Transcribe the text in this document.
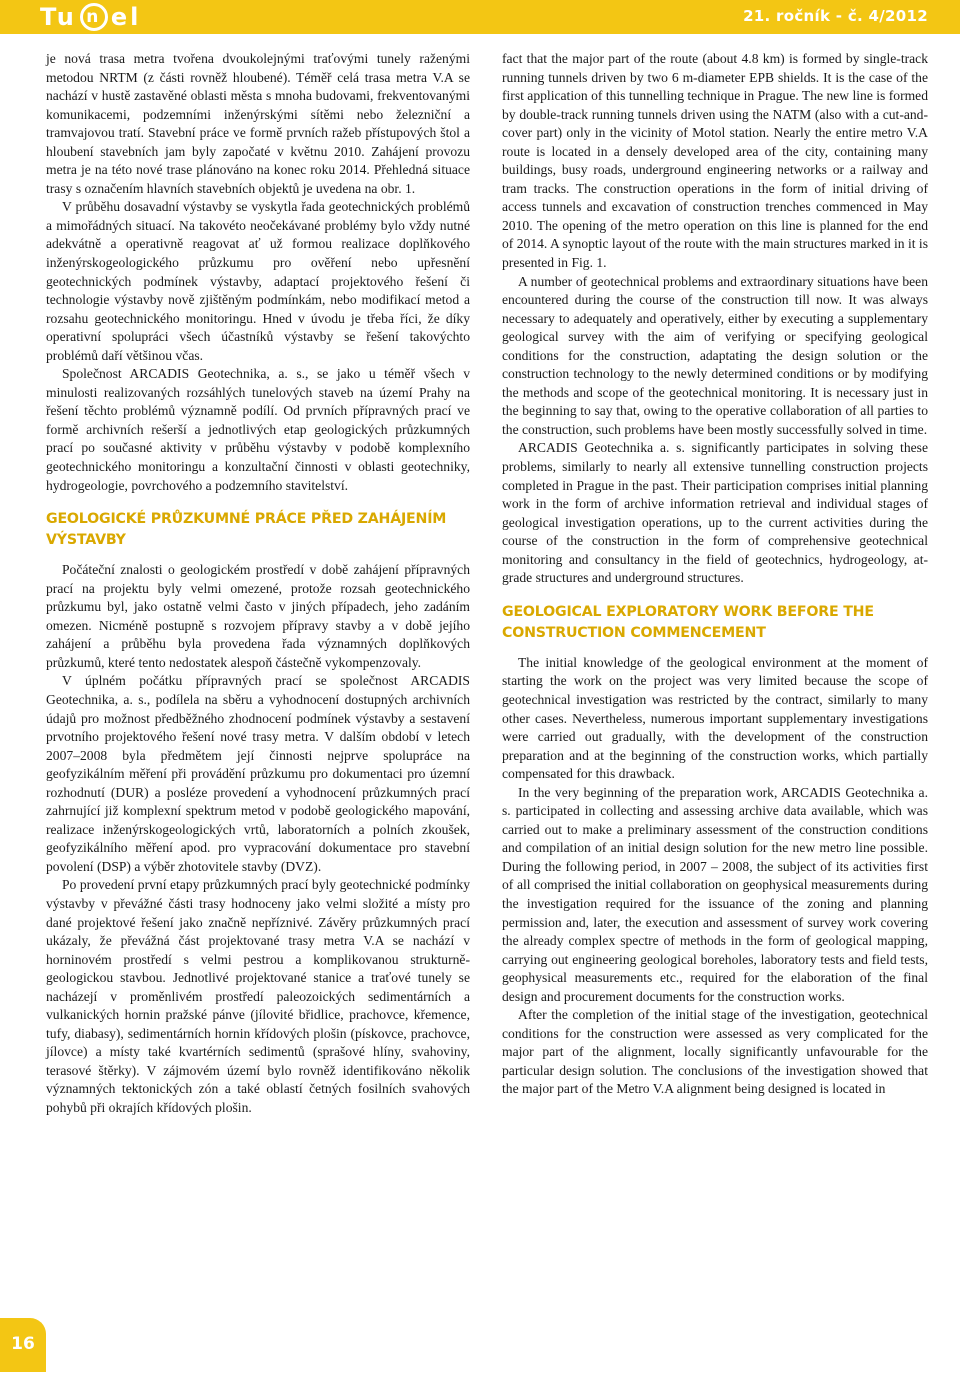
Tu n el	21. ročník - č. 4/2012

je nová trasa metra tvořena dvoukolejnými traťovými tunely raženými metodou NRTM (z části rovněž hloubené). Téměř celá trasa metra V.A se nachází v hustě zastavěné oblasti města s mnoha budovami, frekventovanými komunikacemi, podzemními inženýrskými sítěmi nebo železniční a tramvajovou tratí. Stavební práce ve formě prvních ražeb přístupových štol a hloubení stavebních jam byly započaté v květnu 2010. Zahájení provozu metra je na této nové trase plánováno na konec roku 2014. Přehledná situace trasy s označením hlavních stavebních objektů je uvedena na obr. 1.

V průběhu dosavadní výstavby se vyskytla řada geotechnických problémů a mimořádných situací. Na takovéto neočekávané problémy bylo vždy nutné adekvátně a operativně reagovat ať už formou realizace doplňkového inženýrskogeologického průzkumu pro ověření nebo upřesnění geotechnických podmínek výstavby, adaptací projektového řešení či technologie výstavby nově zjištěným podmínkám, nebo modifikací metod a rozsahu geotechnického monitoringu. Hned v úvodu je třeba říci, že díky operativní spolupráci všech účastníků výstavby se řešení takovýchto problémů daří většinou včas.

Společnost ARCADIS Geotechnika, a. s., se jako u téměř všech v minulosti realizovaných rozsáhlých tunelových staveb na území Prahy na řešení těchto problémů významně podílí. Od prvních přípravných prací ve formě archivních rešerší a jednotlivých etap geologických průzkumných prací po současné aktivity v průběhu výstavby v podobě komplexního geotechnického monitoringu a konzultační činnosti v oblasti geotechniky, hydrogeologie, povrchového a podzemního stavitelství.

GEOLOGICKÉ PRŮZKUMNÉ PRÁCE PŘED ZAHÁJENÍM VÝSTAVBY

Počáteční znalosti o geologickém prostředí v době zahájení přípravných prací na projektu byly velmi omezené, protože rozsah geotechnického průzkumu byl, jako ostatně velmi často v jiných případech, jeho zadáním omezen. Nicméně postupně s rozvojem přípravy stavby a v době jejího zahájení a průběhu byla provedena řada významných doplňkových průzkumů, které tento nedostatek alespoň částečně vykompenzovaly.

V úplném počátku přípravných prací se společnost ARCADIS Geotechnika, a. s., podílela na sběru a vyhodnocení dostupných archivních údajů pro možnost předběžného zhodnocení podmínek výstavby a sestavení prvotního projektového řešení nové trasy metra. V dalším období v letech 2007–2008 byla předmětem její činnosti nejprve spolupráce na geofyzikálním měření při provádění průzkumu pro dokumentaci pro územní rozhodnutí (DUR) a posléze provedení a vyhodnocení průzkumných prací zahrnující již komplexní spektrum metod v podobě geologického mapování, realizace inženýrskogeologických vrtů, laboratorních a polních zkoušek, geofyzikálního měření apod. pro vypracování dokumentace pro stavební povolení (DSP) a výběr zhotovitele stavby (DVZ).

Po provedení první etapy průzkumných prací byly geotechnické podmínky výstavby v převážné části trasy hodnoceny jako velmi složité a místy pro dané projektové řešení jako značně nepříznivé. Závěry průzkumných prací ukázaly, že převážná část projektované trasy metra V.A se nachází v horninovém prostředí s velmi pestrou a komplikovanou strukturně-geologickou stavbou. Jednotlivé projektované stanice a traťové tunely se nacházejí v proměnlivém prostředí paleozoických sedimentárních a vulkanických hornin pražské pánve (jílovité břidlice, prachovce, křemence, tufy, diabasy), sedimentárních hornin křídových plošin (pískovce, prachovce, jílovce) a místy také kvartérních sedimentů (sprašové hlíny, svahoviny, terasové štěrky). V zájmovém území bylo rovněž identifikováno několik významných tektonických zón a také oblastí četných fosilních svahových pohybů při okrajích křídových plošin.

fact that the major part of the route (about 4.8 km) is formed by single-track running tunnels driven by two 6 m-diameter EPB shields. It is the case of the first application of this tunnelling technique in Prague. The new line is formed by double-track running tunnels driven using the NATM (also with a cut-and-cover part) only in the vicinity of Motol station. Nearly the entire metro V.A route is located in a densely developed area of the city, containing many buildings, busy roads, underground engineering networks or a railway and tram tracks. The construction operations in the form of initial driving of access tunnels and excavation of construction trenches commenced in May 2010. The opening of the metro operation on this line is planned for the end of 2014. A synoptic layout of the route with the main structures marked in it is presented in Fig. 1.

A number of geotechnical problems and extraordinary situations have been encountered during the course of the construction till now. It was always necessary to adequately and operatively, either by executing a supplementary geological survey with the aim of verifying or specifying geological conditions for the construction, adaptating the design solution or the construction technology to the newly determined conditions or by modifying the methods and scope of the geotechnical monitoring. It is necessary just in the beginning to say that, owing to the operative collaboration of all parties to the construction, such problems have been mostly successfully solved in time.

ARCADIS Geotechnika a. s. significantly participates in solving these problems, similarly to nearly all extensive tunnelling construction projects completed in Prague in the past. Their participation comprises initial planning work in the form of archive information retrieval and individual stages of geological investigation operations, up to the current activities during the course of the construction in the form of comprehensive geotechnical monitoring and consultancy in the field of geotechnics, hydrogeology, at-grade structures and underground structures.

GEOLOGICAL EXPLORATORY WORK BEFORE THE CONSTRUCTION COMMENCEMENT

The initial knowledge of the geological environment at the moment of starting the work on the project was very limited because the scope of geotechnical investigation was restricted by the contract, similarly to many other cases. Nevertheless, numerous important supplementary investigations were carried out gradually, with the development of the construction preparation and at the beginning of the construction works, which partially compensated for this drawback.

In the very beginning of the preparation work, ARCADIS Geotechnika a. s. participated in collecting and assessing archive data available, which was carried out to make a preliminary assessment of the construction conditions and compilation of an initial design solution for the new metro line possible. During the following period, in 2007 – 2008, the subject of its activities first of all comprised the initial collaboration on geophysical measurements during the investigation required for the issuance of the zoning and planning permission and, later, the execution and assessment of survey work covering the already complex spectre of methods in the form of geological mapping, carrying out engineering geological boreholes, laboratory tests and field tests, geophysical measurements etc., required for the elaboration of the final design and procurement documents for the construction works.

After the completion of the initial stage of the investigation, geotechnical conditions for the construction were assessed as very complicated for the major part of the alignment, locally significantly unfavourable for the particular design solution. The conclusions of the investigation showed that the major part of the Metro V.A alignment being designed is located in

16
